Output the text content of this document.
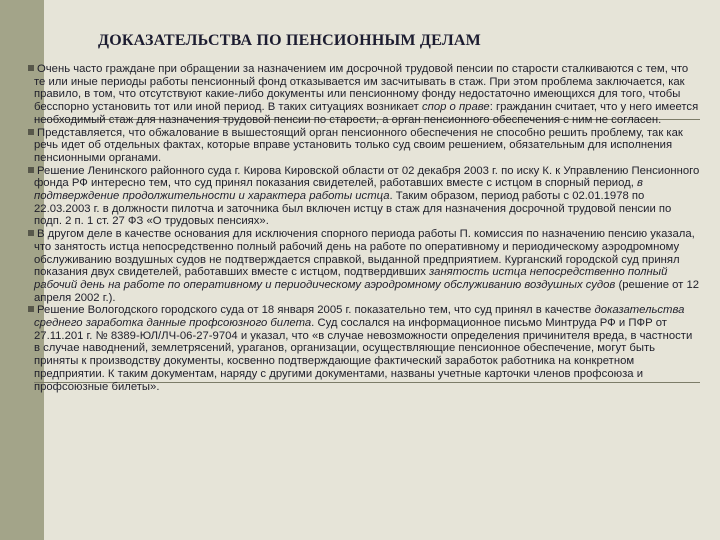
ДОКАЗАТЕЛЬСТВА ПО ПЕНСИОННЫМ ДЕЛАМ

Очень часто граждане при обращении за назначением им досрочной трудовой пенсии по старости сталкиваются с тем, что те или иные периоды работы пенсионный фонд отказывается им засчитывать в стаж. При этом проблема заключается, как правило, в том, что отсутствуют какие-либо документы или пенсионному фонду недостаточно имеющихся для того, чтобы бесспорно установить тот или иной период. В таких ситуациях возникает спор о праве: гражданин считает, что у него имеется необходимый стаж для назначения трудовой пенсии по старости, а орган пенсионного обеспечения с ним не согласен.

Представляется, что обжалование в вышестоящий орган пенсионного обеспечения не способно решить проблему, так как речь идет об отдельных фактах, которые вправе установить только суд своим решением, обязательным для исполнения пенсионными органами.

Решение Ленинского районного суда г. Кирова Кировской области от 02 декабря 2003 г. по иску К. к Управлению Пенсионного фонда РФ интересно тем, что суд принял показания свидетелей, работавших вместе с истцом в спорный период, в подтверждение продолжительности и характера работы истца. Таким образом, период работы с 02.01.1978 по 22.03.2003 г. в должности пилотча и заточника был включен истцу в стаж для назначения досрочной трудовой пенсии по подп. 2 п. 1 ст. 27 ФЗ «О трудовых пенсиях».

В другом деле в качестве основания для исключения спорного периода работы П. комиссия по назначению пенсию указала, что занятость истца непосредственно полный рабочий день на работе по оперативному и периодическому аэродромному обслуживанию воздушных судов не подтверждается справкой, выданной предприятием. Курганский городской суд принял показания двух свидетелей, работавших вместе с истцом, подтвердивших занятость истца непосредственно полный рабочий день на работе по оперативному и периодическому аэродромному обслуживанию воздушных судов (решение от 12 апреля 2002 г.).

Решение Вологодского городского суда от 18 января 2005 г. показательно тем, что суд принял в качестве доказательства среднего заработка данные профсоюзного билета. Суд сослался на информационное письмо Минтруда РФ и ПФР от 27.11.201 г. № 8389-ЮЛ/ЛЧ-06-27-9704 и указал, что «в случае невозможности определения причинителя вреда, в частности в случае наводнений, землетрясений, ураганов, организации, осуществляющие пенсионное обеспечение, могут быть приняты к производству документы, косвенно подтверждающие фактический заработок работника на конкретном предприятии. К таким документам, наряду с другими документами, названы учетные карточки членов профсоюза и профсоюзные билеты».
